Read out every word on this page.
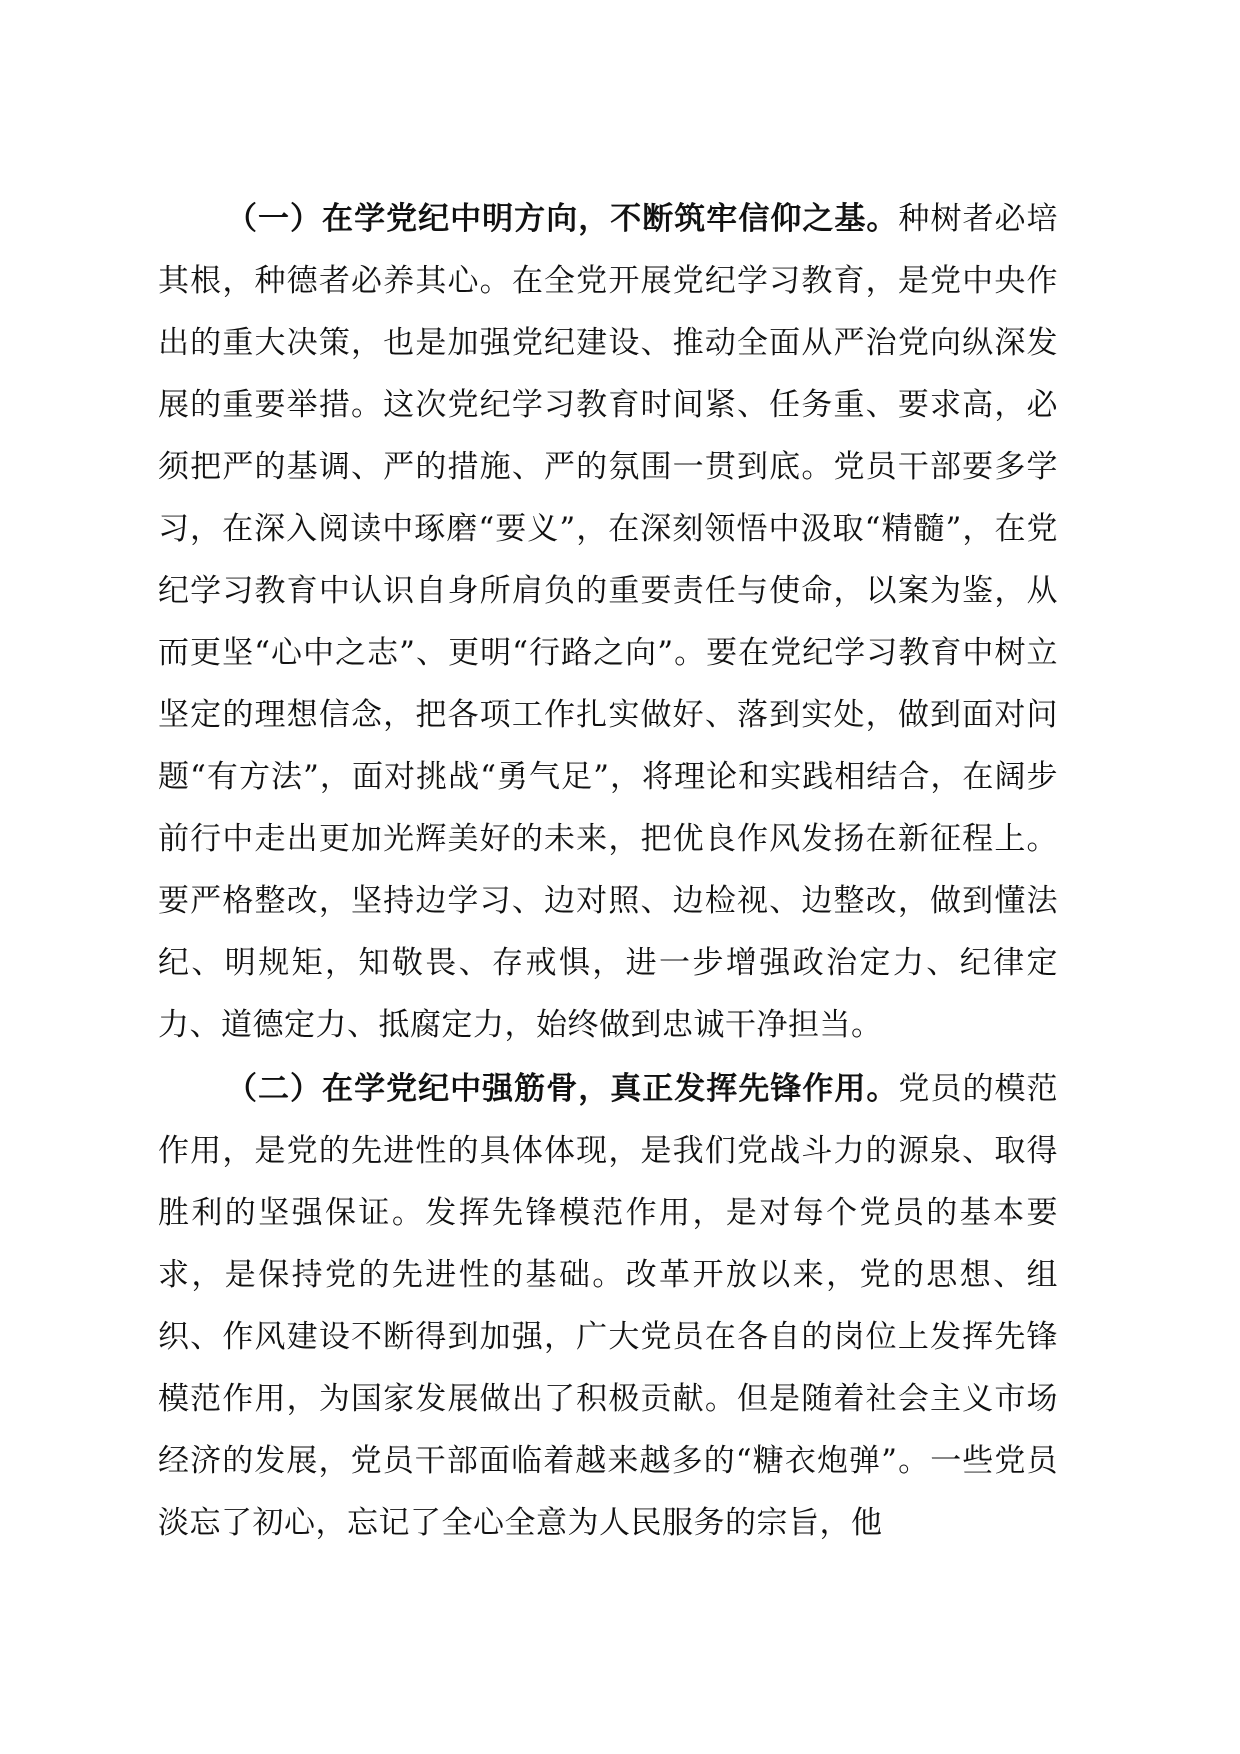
（一）在学党纪中明方向，不断筑牢信仰之基。种树者必培其根，种德者必养其心。在全党开展党纪学习教育，是党中央作出的重大决策，也是加强党纪建设、推动全面从严治党向纵深发展的重要举措。这次党纪学习教育时间紧、任务重、要求高，必须把严的基调、严的措施、严的氛围一贯到底。党员干部要多学习，在深入阅读中琢磨“要义”，在深刻领悟中汲取“精髓”，在党纪学习教育中认识自身所肩负的重要责任与使命，以案为鉴，从而更坚“心中之志”、更明“行路之向”。要在党纪学习教育中树立坚定的理想信念，把各项工作扎实做好、落到实处，做到面对问题“有方法”，面对挑战“勇气足”，将理论和实践相结合，在阔步前行中走出更加光辉美好的未来，把优良作风发扬在新征程上。要严格整改，坚持边学习、边对照、边检视、边整改，做到懂法纪、明规矩，知敬畏、存戒惧，进一步增强政治定力、纪律定力、道德定力、抵腐定力，始终做到忠诚干净担当。

（二）在学党纪中强筋骨，真正发挥先锋作用。党员的模范作用，是党的先进性的具体体现，是我们党战斗力的源泉、取得胜利的坚强保证。发挥先锋模范作用，是对每个党员的基本要求，是保持党的先进性的基础。改革开放以来，党的思想、组织、作风建设不断得到加强，广大党员在各自的岗位上发挥先锋模范作用，为国家发展做出了积极贡献。但是随着社会主义市场经济的发展，党员干部面临着越来越多的“糖衣炮弹”。一些党员淡忘了初心，忘记了全心全意为人民服务的宗旨，他
